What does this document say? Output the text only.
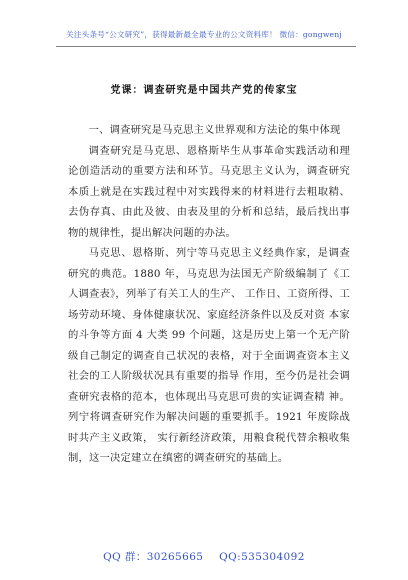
关注头条号“公文研究”，获得最新最全最专业的公文资料库！ 微信：gongwenj
党课：调查研究是中国共产党的传家宝

一、调查研究是马克思主义世界观和方法论的集中体现

调查研究是马克思、恩格斯毕生从事革命实践活动和理论创造活动的重要方法和环节。马克思主义认为，调查研究本质上就是在实践过程中对实践得来的材料进行去粗取精、去伪存真、由此及彼、由表及里的分析和总结，最后找出事物的规律性，提出解决问题的办法。

马克思、恩格斯、列宁等马克思主义经典作家，是调查研究的典范。1880 年，马克思为法国无产阶级编制了《工人调查表》，列举了有关工人的生产、 工作日、工资所得、工场劳动环境、身体健康状况、家庭经济条件以及反对资 本家的斗争等方面 4 大类 99 个问题，这是历史上第一个无产阶级自己制定的调查自己状况的表格，对于全面调查资本主义社会的工人阶级状况具有重要的指导 作用，至今仍是社会调查研究表格的范本，也体现出马克思可贵的实证调查精 神。列宁将调查研究作为解决问题的重要抓手。1921 年废除战时共产主义政策， 实行新经济政策，用粮食税代替余粮收集制，这一决定建立在缜密的调查研究的基础上。

QQ 群：30265665 QQ:535304092
